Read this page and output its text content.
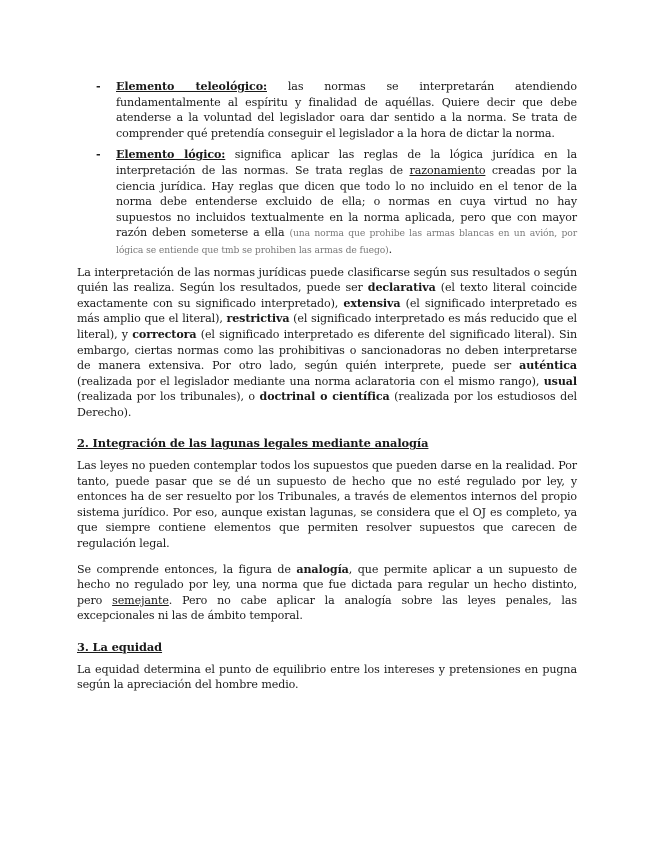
- Elemento teleológico: las normas se interpretarán atendiendo fundamentalmente al espíritu y finalidad de aquéllas. Quiere decir que debe atenderse a la voluntad del legislador oara dar sentido a la norma. Se trata de comprender qué pretendía conseguir el legislador a la hora de dictar la norma.
- Elemento lógico: significa aplicar las reglas de la lógica jurídica en la interpretación de las normas. Se trata reglas de razonamiento creadas por la ciencia jurídica. Hay reglas que dicen que todo lo no incluido en el tenor de la norma debe entenderse excluido de ella; o normas en cuya virtud no hay supuestos no incluidos textualmente en la norma aplicada, pero que con mayor razón deben someterse a ella (una norma que prohibe las armas blancas en un avión, por lógica se entiende que tmb se prohiben las armas de fuego).

La interpretación de las normas jurídicas puede clasificarse según sus resultados o según quién las realiza. Según los resultados, puede ser declarativa (el texto literal coincide exactamente con su significado interpretado), extensiva (el significado interpretado es más amplio que el literal), restrictiva (el significado interpretado es más reducido que el literal), y correctora (el significado interpretado es diferente del significado literal). Sin embargo, ciertas normas como las prohibitivas o sancionadoras no deben interpretarse de manera extensiva. Por otro lado, según quién interprete, puede ser auténtica (realizada por el legislador mediante una norma aclaratoria con el mismo rango), usual (realizada por los tribunales), o doctrinal o científica (realizada por los estudiosos del Derecho).

2. Integración de las lagunas legales mediante analogía

Las leyes no pueden contemplar todos los supuestos que pueden darse en la realidad. Por tanto, puede pasar que se dé un supuesto de hecho que no esté regulado por ley, y entonces ha de ser resuelto por los Tribunales, a través de elementos internos del propio sistema jurídico. Por eso, aunque existan lagunas, se considera que el OJ es completo, ya que siempre contiene elementos que permiten resolver supuestos que carecen de regulación legal.

Se comprende entonces, la figura de analogía, que permite aplicar a un supuesto de hecho no regulado por ley, una norma que fue dictada para regular un hecho distinto, pero semejante. Pero no cabe aplicar la analogía sobre las leyes penales, las excepcionales ni las de ámbito temporal.

3. La equidad

La equidad determina el punto de equilibrio entre los intereses y pretensiones en pugna según la apreciación del hombre medio.
